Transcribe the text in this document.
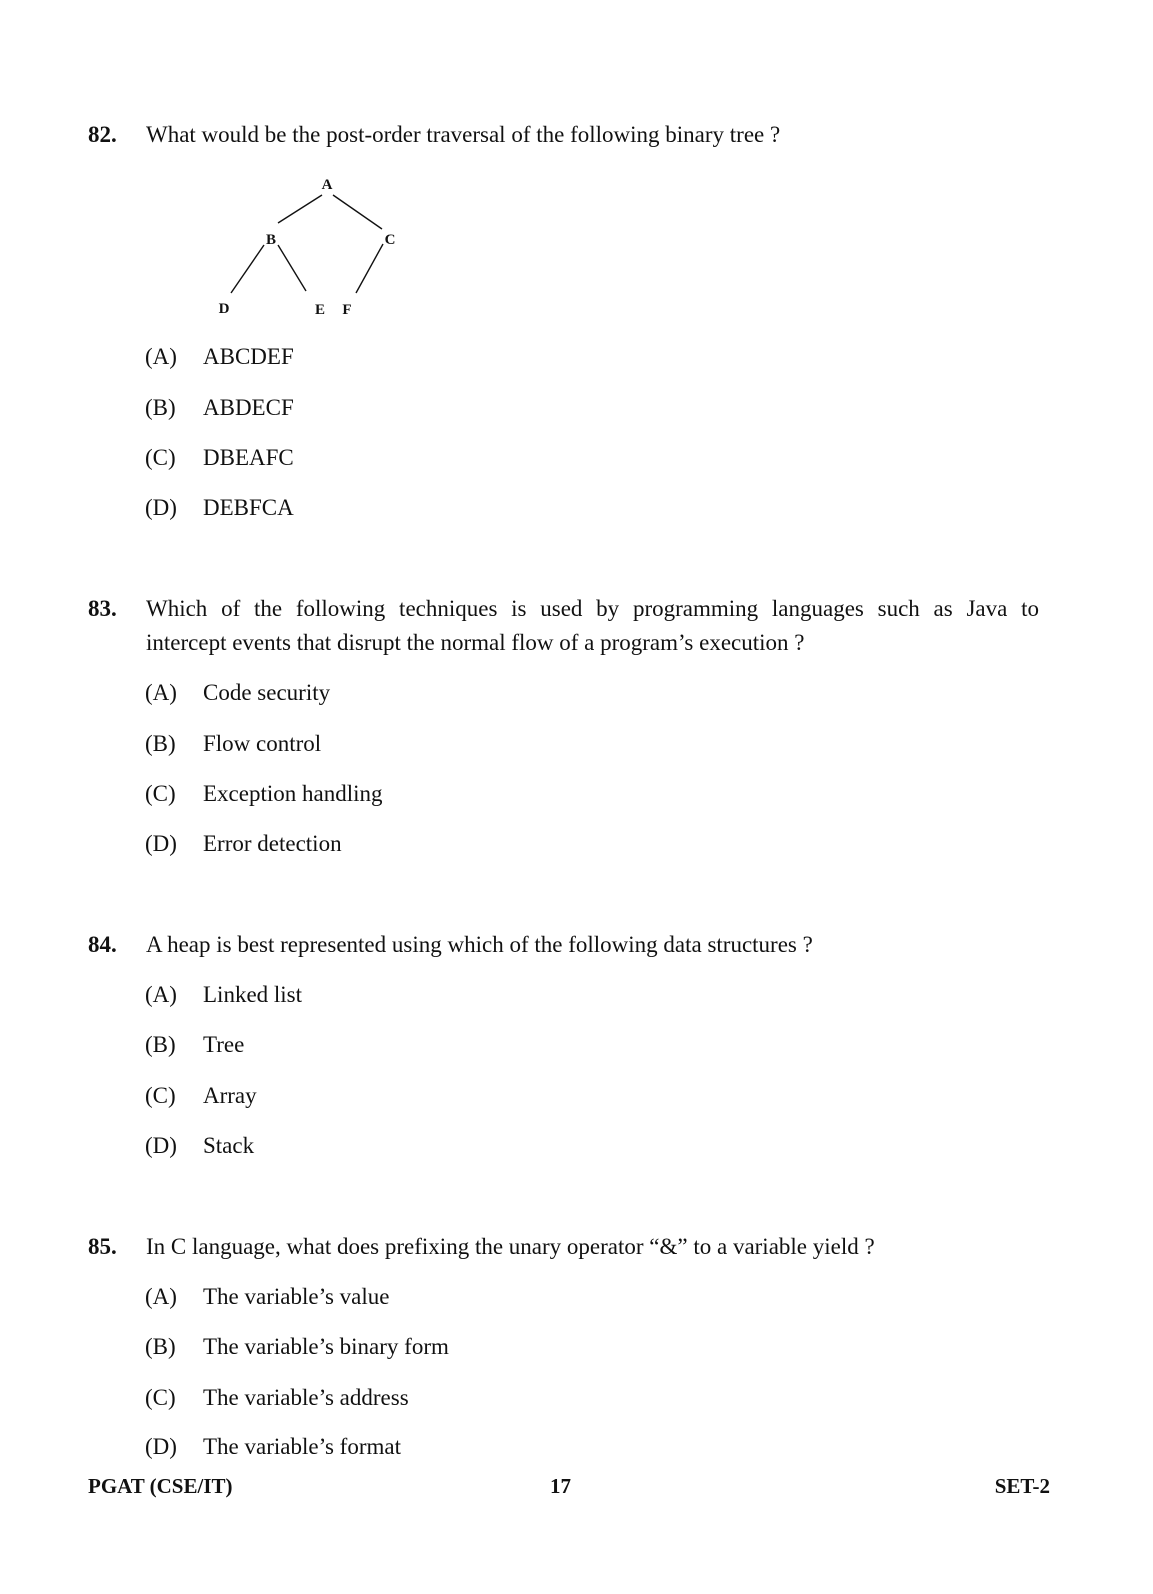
82. What would be the post-order traversal of the following binary tree ?
A
B	C
D	E F
(A) ABCDEF
(B) ABDECF
(C) DBEAFC
(D) DEBFCA
83. Which of the following techniques is used by programming languages such as Java to
intercept events that disrupt the normal flow of a program’s execution ?
(A) Code security
(B) Flow control
(C) Exception handling
(D) Error detection
84. A heap is best represented using which of the following data structures ?
(A) Linked list
(B) Tree
(C) Array
(D) Stack
85. In C language, what does prefixing the unary operator “&” to a variable yield ?
(A) The variable’s value
(B) The variable’s binary form
(C) The variable’s address
(D) The variable’s format
PGAT (CSE/IT)	17	SET-2
